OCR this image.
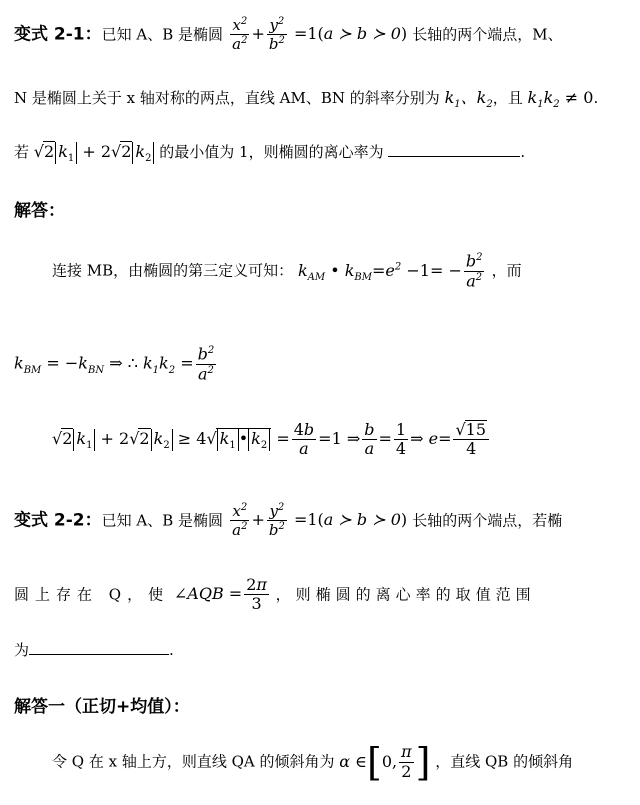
变式 2-1：已知 A、B 是椭圆 $\frac{x^2}{a^2} + \frac{y^2}{b^2} =1(a$ ≻ b ≻ 0) 长轴的两个端点，M、
N 是椭圆上关于 x 轴对称的两点，直线 AM、BN 的斜率分别为 $k_1$、$k_2$，且 $k_1k_2 \ne 0$.
若 √2 $k_1 + 2√2$ $k_2$ 的最小值为 1，则椭圆的离心率为	.
解答：
连接 MB，由椭圆的第三定义可知： $k_{AM}$ • $k_{BM}=e^2 -1= - \frac{b^2}{a^2}$ ，而
$k_{BM} = -k_{BN}$ ⇒ ∴ $k_1k_2 = \frac{b^2}{a^2}$
√2 $k_1 + 2√2$ $k_2 \ge 4√$ $k_1$ • $k_2 = \frac{4b}{a} =1$ ⇒ $\frac{b}{a} = \frac{1}{4}$ ⇒ $e= \frac{√15}{4}$
变式 2-2：已知 A、B 是椭圆 $\frac{x^2}{a^2} + \frac{y^2}{b^2} =1(a$ ≻ b ≻ 0) 长轴的两个端点，若椭
圆上存在 Q，使 ∠AQB = $\frac{2\pi}{3}$ ，则椭圆的离心率的取值范围
为	.
解答一（正切+均值）：
令 Q 在 x 轴上方，则直线 QA 的倾斜角为 α ∈[0, $\frac{\pi}{2}$ ] ，直线 QB 的倾斜角
